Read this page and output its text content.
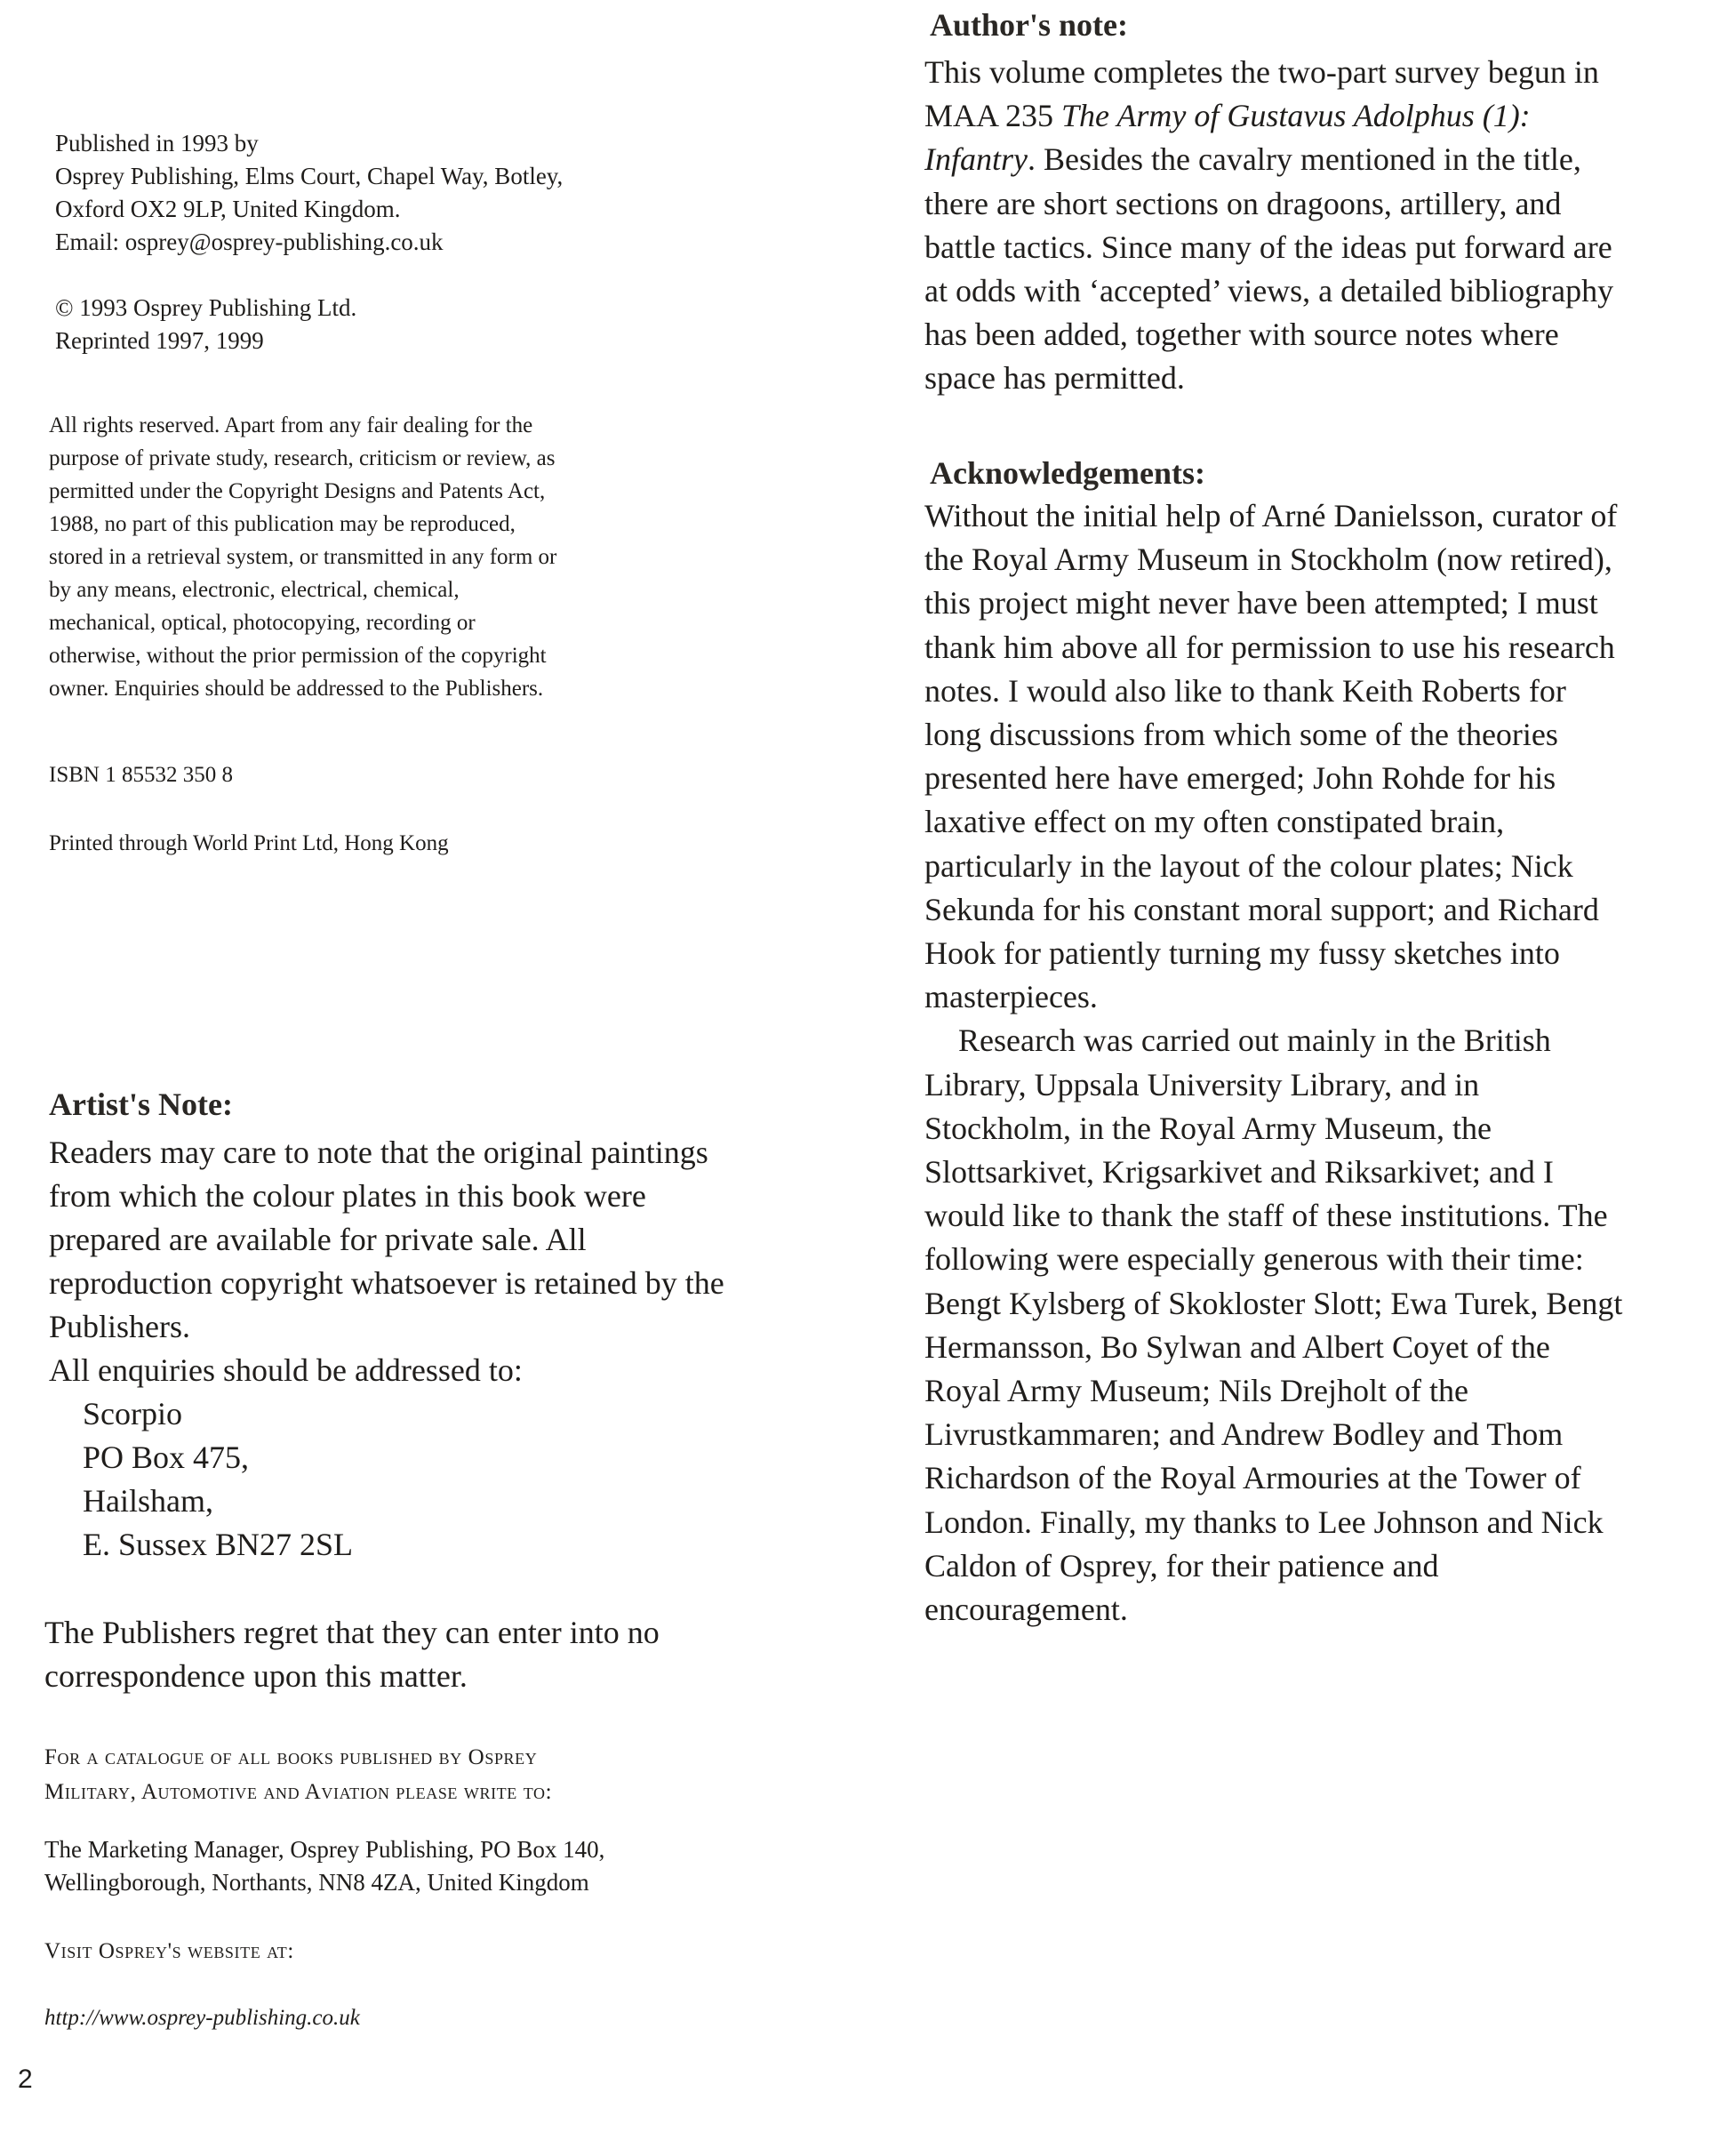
Published in 1993 by
Osprey Publishing, Elms Court, Chapel Way, Botley,
Oxford OX2 9LP, United Kingdom.
Email: osprey@osprey-publishing.co.uk
© 1993 Osprey Publishing Ltd.
Reprinted 1997, 1999
All rights reserved. Apart from any fair dealing for the
purpose of private study, research, criticism or review, as
permitted under the Copyright Designs and Patents Act,
1988, no part of this publication may be reproduced,
stored in a retrieval system, or transmitted in any form or
by any means, electronic, electrical, chemical,
mechanical, optical, photocopying, recording or
otherwise, without the prior permission of the copyright
owner. Enquiries should be addressed to the Publishers.
ISBN 1 85532 350 8
Printed through World Print Ltd, Hong Kong
Artist's Note:
Readers may care to note that the original paintings
from which the colour plates in this book were
prepared are available for private sale. All
reproduction copyright whatsoever is retained by the
Publishers.
All enquiries should be addressed to:
Scorpio
PO Box 475,
Hailsham,
E. Sussex BN27 2SL
The Publishers regret that they can enter into no
correspondence upon this matter.
For a catalogue of all books published by Osprey
Military, Automotive and Aviation please write to:
The Marketing Manager, Osprey Publishing, PO Box 140,
Wellingborough, Northants, NN8 4ZA, United Kingdom
Visit Osprey's website at:
http://www.osprey-publishing.co.uk
2
Author's note:
This volume completes the two-part survey begun in
MAA 235 The Army of Gustavus Adolphus (1):
Infantry. Besides the cavalry mentioned in the title,
there are short sections on dragoons, artillery, and
battle tactics. Since many of the ideas put forward are
at odds with ‘accepted’ views, a detailed bibliography
has been added, together with source notes where
space has permitted.
Acknowledgements:
Without the initial help of Arné Danielsson, curator of
the Royal Army Museum in Stockholm (now retired),
this project might never have been attempted; I must
thank him above all for permission to use his research
notes. I would also like to thank Keith Roberts for
long discussions from which some of the theories
presented here have emerged; John Rohde for his
laxative effect on my often constipated brain,
particularly in the layout of the colour plates; Nick
Sekunda for his constant moral support; and Richard
Hook for patiently turning my fussy sketches into
masterpieces.
Research was carried out mainly in the British
Library, Uppsala University Library, and in
Stockholm, in the Royal Army Museum, the
Slottsarkivet, Krigsarkivet and Riksarkivet; and I
would like to thank the staff of these institutions. The
following were especially generous with their time:
Bengt Kylsberg of Skokloster Slott; Ewa Turek, Bengt
Hermansson, Bo Sylwan and Albert Coyet of the
Royal Army Museum; Nils Drejholt of the
Livrustkammaren; and Andrew Bodley and Thom
Richardson of the Royal Armouries at the Tower of
London. Finally, my thanks to Lee Johnson and Nick
Caldon of Osprey, for their patience and
encouragement.
